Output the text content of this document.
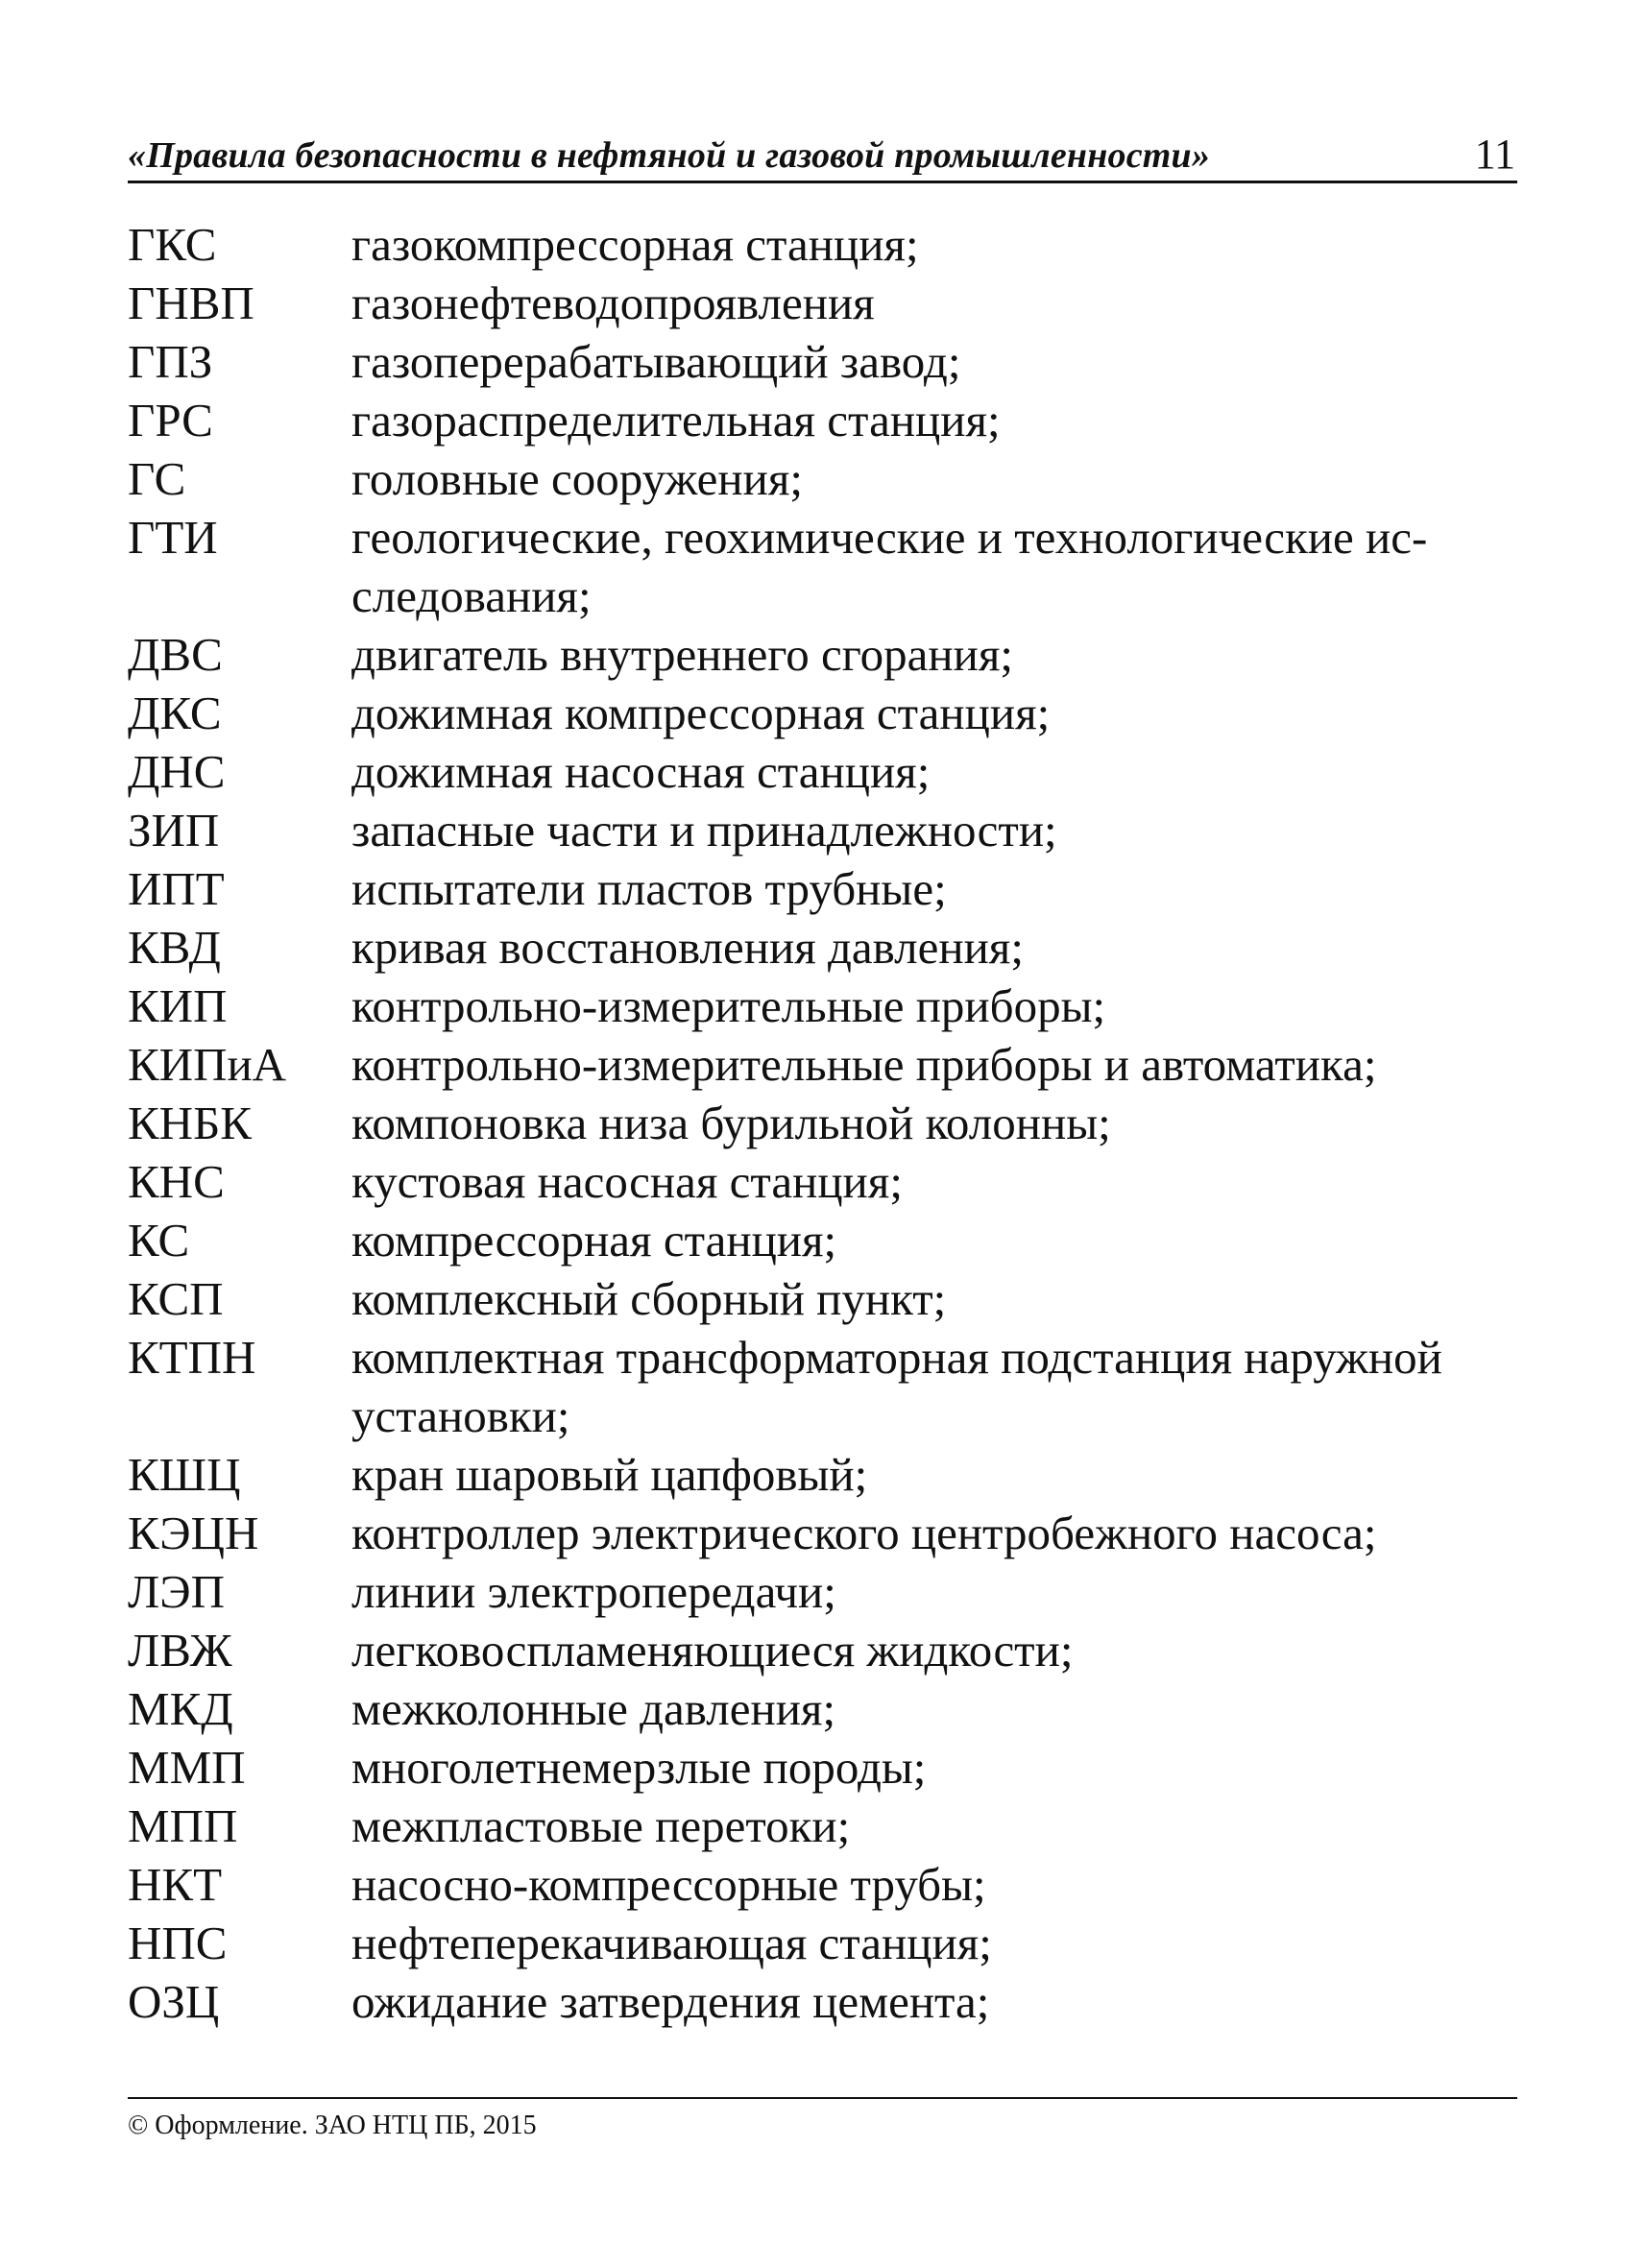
«Правила безопасности в нефтяной и газовой промышленности»	11
ГКС	газокомпрессорная станция;
ГНВП	газонефтеводопроявления
ГПЗ	газоперерабатывающий завод;
ГРС	газораспределительная станция;
ГС	головные сооружения;
ГТИ	геологические, геохимические и технологические ис-
следования;
ДВС	двигатель внутреннего сгорания;
ДКС	дожимная компрессорная станция;
ДНС	дожимная насосная станция;
ЗИП	запасные части и принадлежности;
ИПТ	испытатели пластов трубные;
КВД	кривая восстановления давления;
КИП	контрольно-измерительные приборы;
КИПиА	контрольно-измерительные приборы и автоматика;
КНБК	компоновка низа бурильной колонны;
КНС	кустовая насосная станция;
КС	компрессорная станция;
КСП	комплексный сборный пункт;
КТПН	комплектная трансформаторная подстанция наружной
установки;
КШЦ	кран шаровый цапфовый;
КЭЦН	контроллер электрического центробежного насоса;
ЛЭП	линии электропередачи;
ЛВЖ	легковоспламеняющиеся жидкости;
МКД	межколонные давления;
ММП	многолетнемерзлые породы;
МПП	межпластовые перетоки;
НКТ	насосно-компрессорные трубы;
НПС	нефтеперекачивающая станция;
ОЗЦ	ожидание затвердения цемента;
© Оформление. ЗАО НТЦ ПБ, 2015
